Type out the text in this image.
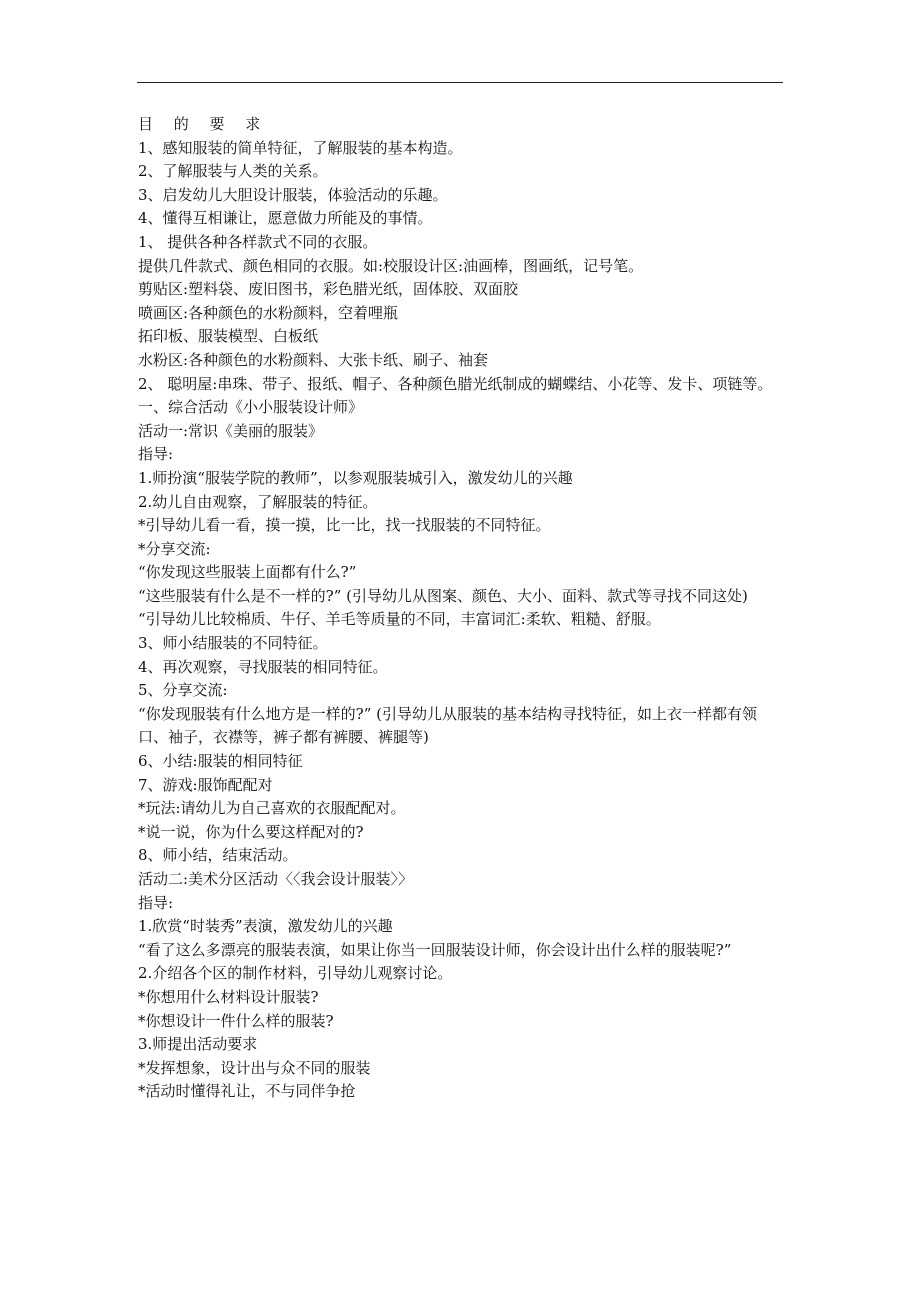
目 的 要 求

1、感知服装的简单特征，了解服装的基本构造。

2、了解服装与人类的关系。

3、启发幼儿大胆设计服装，体验活动的乐趣。

4、懂得互相谦让，愿意做力所能及的事情。

1、 提供各种各样款式不同的衣服。

提供几件款式、颜色相同的衣服。如:校服设计区:油画棒，图画纸，记号笔。

剪贴区:塑料袋、废旧图书，彩色腊光纸，固体胶、双面胶

喷画区:各种颜色的水粉颜料，空着哩瓶

拓印板、服装模型、白板纸

水粉区:各种颜色的水粉颜料、大张卡纸、刷子、袖套

2、 聪明屋:串珠、带子、报纸、帽子、各种颜色腊光纸制成的蝴蝶结、小花等、发卡、项链等。

一、综合活动《小小服装设计师》

活动一:常识《美丽的服装》

指导:

1.师扮演“服装学院的教师”，以参观服装城引入，激发幼儿的兴趣

2.幼儿自由观察，了解服装的特征。

*引导幼儿看一看，摸一摸，比一比，找一找服装的不同特征。

*分享交流:

“你发现这些服装上面都有什么?”

“这些服装有什么是不一样的?” (引导幼儿从图案、颜色、大小、面料、款式等寻找不同这处)

“引导幼儿比较棉质、牛仔、羊毛等质量的不同，丰富词汇:柔软、粗糙、舒服。

3、师小结服装的不同特征。

4、再次观察，寻找服装的相同特征。

5、分享交流:

“你发现服装有什么地方是一样的?” (引导幼儿从服装的基本结构寻找特征，如上衣一样都有领口、袖子，衣襟等，裤子都有裤腰、裤腿等)

6、小结:服装的相同特征

7、游戏:服饰配配对

*玩法:请幼儿为自己喜欢的衣服配配对。

*说一说，你为什么要这样配对的?

8、师小结，结束活动。

活动二:美术分区活动〈〈我会设计服装〉〉

指导:

1.欣赏“时装秀”表演，激发幼儿的兴趣

“看了这么多漂亮的服装表演，如果让你当一回服装设计师，你会设计出什么样的服装呢?”

2.介绍各个区的制作材料，引导幼儿观察讨论。

*你想用什么材料设计服装?

*你想设计一件什么样的服装?

3.师提出活动要求

*发挥想象，设计出与众不同的服装

*活动时懂得礼让，不与同伴争抢
